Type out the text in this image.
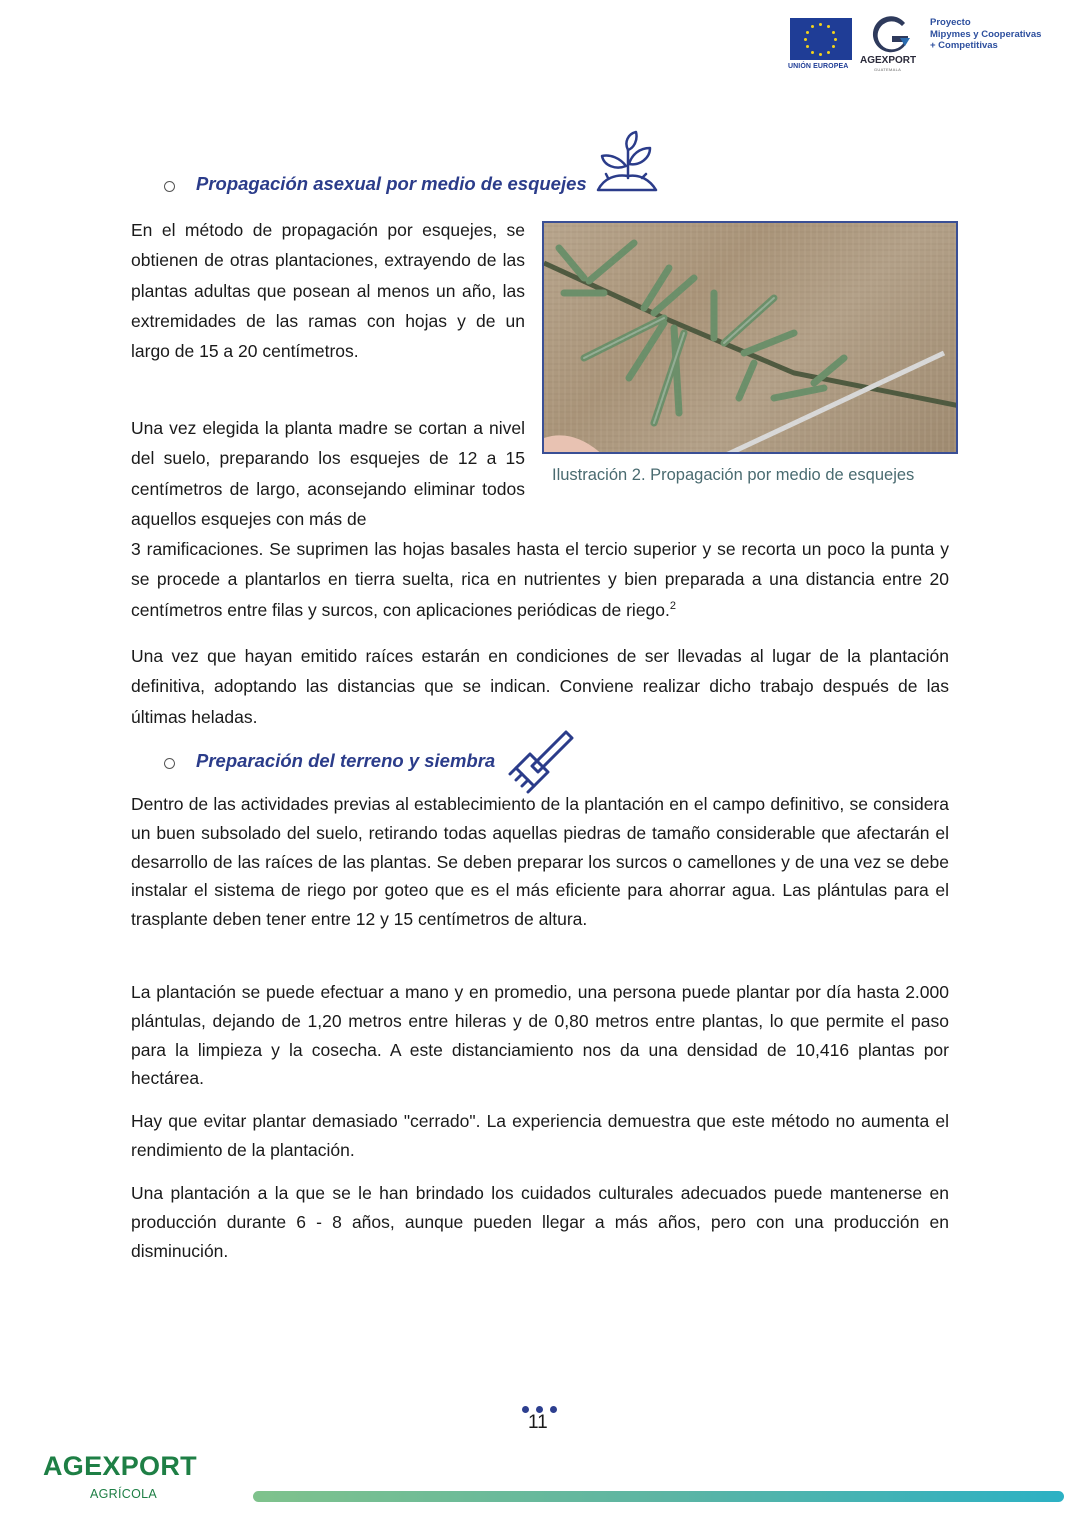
UNIÓN EUROPEA
AGEXPORT
GUATEMALA
Proyecto
Mipymes y Cooperativas
+ Competitivas
Propagación asexual por medio de esquejes
En el método de propagación por esquejes, se obtienen de otras plantaciones, extrayendo de las plantas adultas que posean al menos un año, las extremidades de las ramas con hojas y de un largo de 15 a 20 centímetros.
Una vez elegida la planta madre se cortan a nivel del suelo, preparando los esquejes de 12 a 15 centímetros de largo, aconsejando eliminar todos aquellos esquejes con más de
Ilustración 2. Propagación por medio de esquejes
3 ramificaciones. Se suprimen las hojas basales hasta el tercio superior y se recorta un poco la punta y se procede a plantarlos en tierra suelta, rica en nutrientes y bien preparada a una distancia entre 20 centímetros entre filas y surcos, con aplicaciones periódicas de riego.$^2$
Una vez que hayan emitido raíces estarán en condiciones de ser llevadas al lugar de la plantación definitiva, adoptando las distancias que se indican. Conviene realizar dicho trabajo después de las últimas heladas.
Preparación del terreno y siembra
Dentro de las actividades previas al establecimiento de la plantación en el campo definitivo, se considera un buen subsolado del suelo, retirando todas aquellas piedras de tamaño considerable que afectarán el desarrollo de las raíces de las plantas. Se deben preparar los surcos o camellones y de una vez se debe instalar el sistema de riego por goteo que es el más eficiente para ahorrar agua. Las plántulas para el trasplante deben tener entre 12 y 15 centímetros de altura.
La plantación se puede efectuar a mano y en promedio, una persona puede plantar por día hasta 2.000 plántulas, dejando de 1,20 metros entre hileras y de 0,80 metros entre plantas, lo que permite el paso para la limpieza y la cosecha. A este distanciamiento nos da una densidad de 10,416 plantas por hectárea.
Hay que evitar plantar demasiado "cerrado". La experiencia demuestra que este método no aumenta el rendimiento de la plantación.
Una plantación a la que se le han brindado los cuidados culturales adecuados puede mantenerse en producción durante 6 - 8 años, aunque pueden llegar a más años, pero con una producción en disminución.
11
AGEXPORT
AGRÍCOLA
